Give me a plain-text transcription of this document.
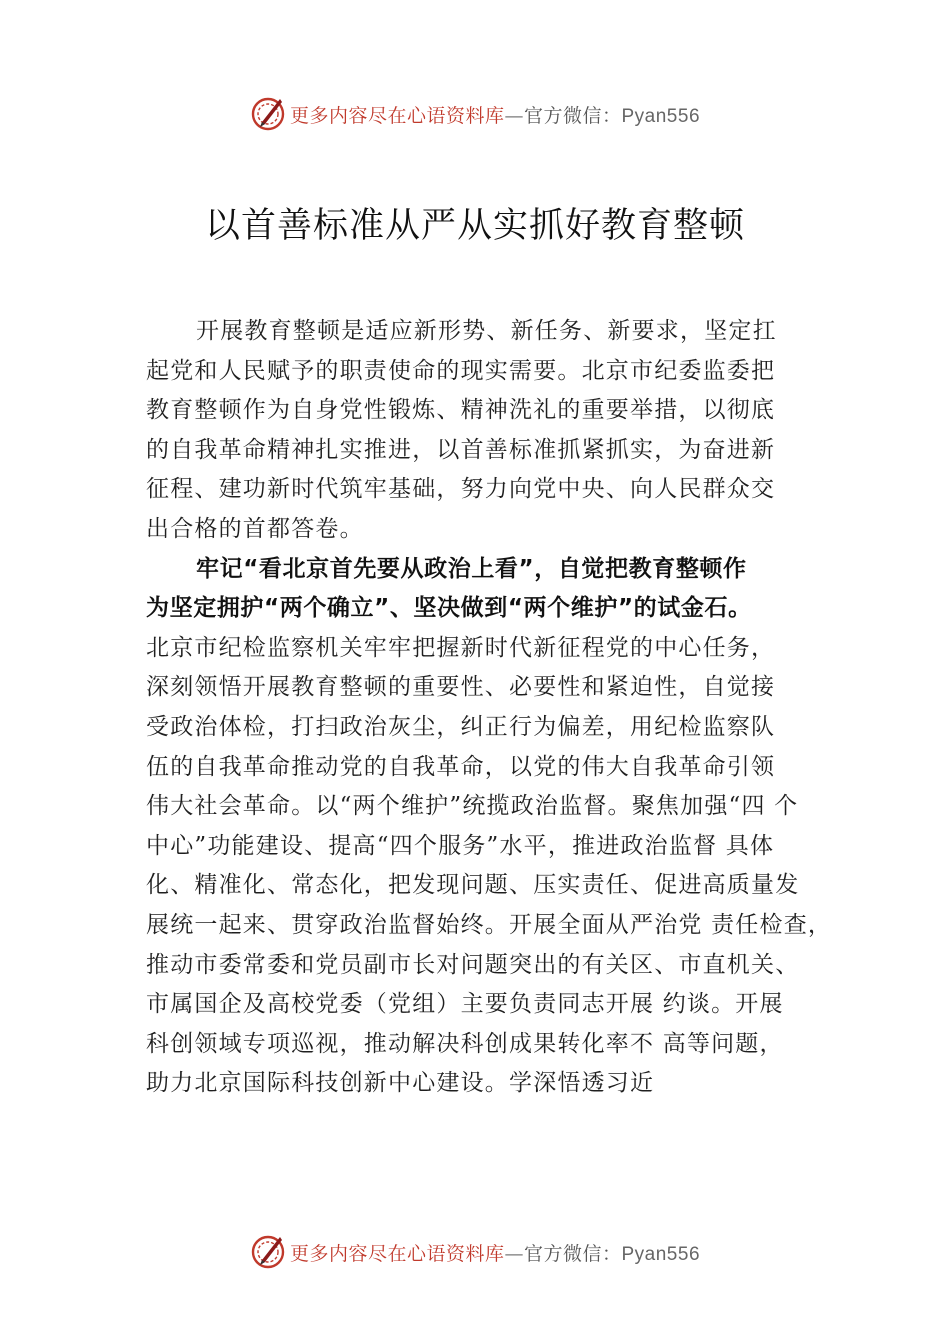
更多内容尽在心语资料库—官方微信：Pyan556
以首善标准从严从实抓好教育整顿
开展教育整顿是适应新形势、新任务、新要求，坚定扛
起党和人民赋予的职责使命的现实需要。北京市纪委监委把
教育整顿作为自身党性锻炼、精神洗礼的重要举措，以彻底
的自我革命精神扎实推进，以首善标准抓紧抓实，为奋进新
征程、建功新时代筑牢基础，努力向党中央、向人民群众交
出合格的首都答卷。
牢记“看北京首先要从政治上看”，自觉把教育整顿作
为坚定拥护“两个确立”、坚决做到“两个维护”的试金石。
北京市纪检监察机关牢牢把握新时代新征程党的中心任务，
深刻领悟开展教育整顿的重要性、必要性和紧迫性，自觉接
受政治体检，打扫政治灰尘，纠正行为偏差，用纪检监察队
伍的自我革命推动党的自我革命，以党的伟大自我革命引领
伟大社会革命。以“两个维护”统揽政治监督。聚焦加强“四 个
中心”功能建设、提高“四个服务”水平，推进政治监督 具体
化、精准化、常态化，把发现问题、压实责任、促进高质量发
展统一起来、贯穿政治监督始终。开展全面从严治党 责任检查，
推动市委常委和党员副市长对问题突出的有关区、市直机关、
市属国企及高校党委（党组）主要负责同志开展 约谈。开展
科创领域专项巡视，推动解决科创成果转化率不 高等问题，
助力北京国际科技创新中心建设。学深悟透习近
更多内容尽在心语资料库—官方微信：Pyan556
